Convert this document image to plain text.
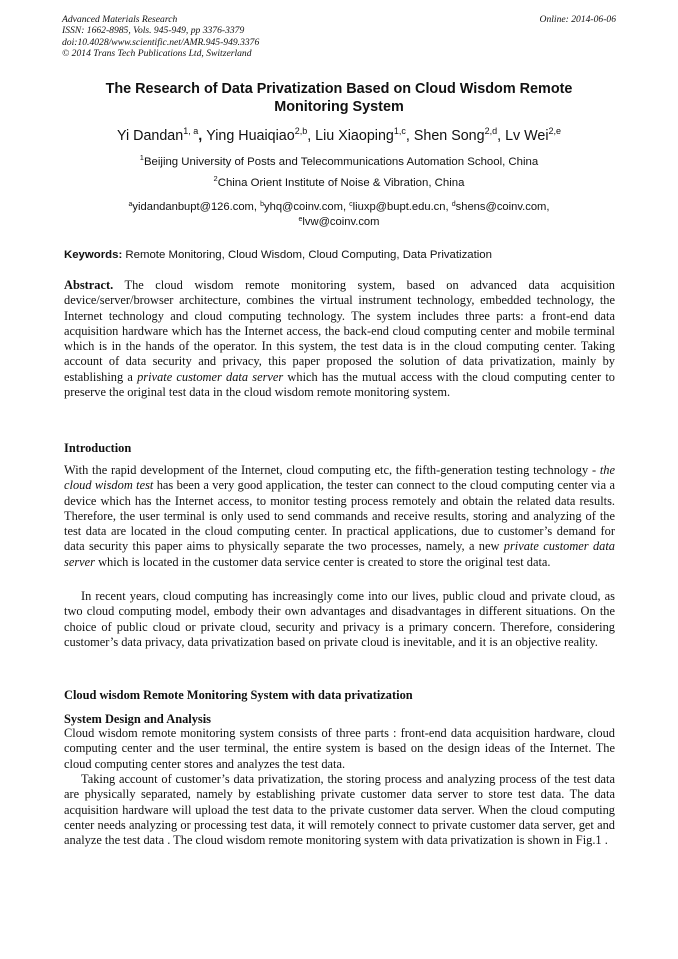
Advanced Materials Research
ISSN: 1662-8985, Vols. 945-949, pp 3376-3379
doi:10.4028/www.scientific.net/AMR.945-949.3376
© 2014 Trans Tech Publications Ltd, Switzerland
Online: 2014-06-06
The Research of Data Privatization Based on Cloud Wisdom Remote Monitoring System
Yi Dandan$^{1, a}$, Ying Huaiqiao$^{2,b}$, Liu Xiaoping$^{1,c}$, Shen Song$^{2,d}$, Lv Wei$^{2,e}$
$^1$Beijing University of Posts and Telecommunications Automation School, China
$^2$China Orient Institute of Noise & Vibration, China
$^a$yidandanbupt@126.com, $^b$yhq@coinv.com, $^c$liuxp@bupt.edu.cn, $^d$shens@coinv.com,
$^e$lvw@coinv.com
Keywords: Remote Monitoring, Cloud Wisdom, Cloud Computing, Data Privatization
Abstract. The cloud wisdom remote monitoring system, based on advanced data acquisition device/server/browser architecture, combines the virtual instrument technology, embedded technology, the Internet technology and cloud computing technology. The system includes three parts: a front-end data acquisition hardware which has the Internet access, the back-end cloud computing center and mobile terminal which is in the hands of the operator. In this system, the test data is in the cloud computing center. Taking account of data security and privacy, this paper proposed the solution of data privatization, mainly by establishing a private customer data server which has the mutual access with the cloud computing center to preserve the original test data in the cloud wisdom remote monitoring system.
Introduction
With the rapid development of the Internet, cloud computing etc, the fifth-generation testing technology - the cloud wisdom test has been a very good application, the tester can connect to the cloud computing center via a device which has the Internet access, to monitor testing process remotely and obtain the related data results. Therefore, the user terminal is only used to send commands and receive results, storing and analyzing of the test data are located in the cloud computing center. In practical applications, due to customer’s demand for data security this paper aims to physically separate the two processes, namely, a new private customer data server which is located in the customer data service center is created to store the original test data.
In recent years, cloud computing has increasingly come into our lives, public cloud and private cloud, as two cloud computing model, embody their own advantages and disadvantages in different situations. On the choice of public cloud or private cloud, security and privacy is a primary concern. Therefore, considering customer’s data privacy, data privatization based on private cloud is inevitable, and it is an objective reality.
Cloud wisdom Remote Monitoring System with data privatization
System Design and Analysis
Cloud wisdom remote monitoring system consists of three parts : front-end data acquisition hardware, cloud computing center and the user terminal, the entire system is based on the design ideas of the Internet. The cloud computing center stores and analyzes the test data.
Taking account of customer’s data privatization, the storing process and analyzing process of the test data are physically separated, namely by establishing private customer data server to store test data. The data acquisition hardware will upload the test data to the private customer data server. When the cloud computing center needs analyzing or processing test data, it will remotely connect to private customer data server, get and analyze the test data . The cloud wisdom remote monitoring system with data privatization is shown in Fig.1 .
